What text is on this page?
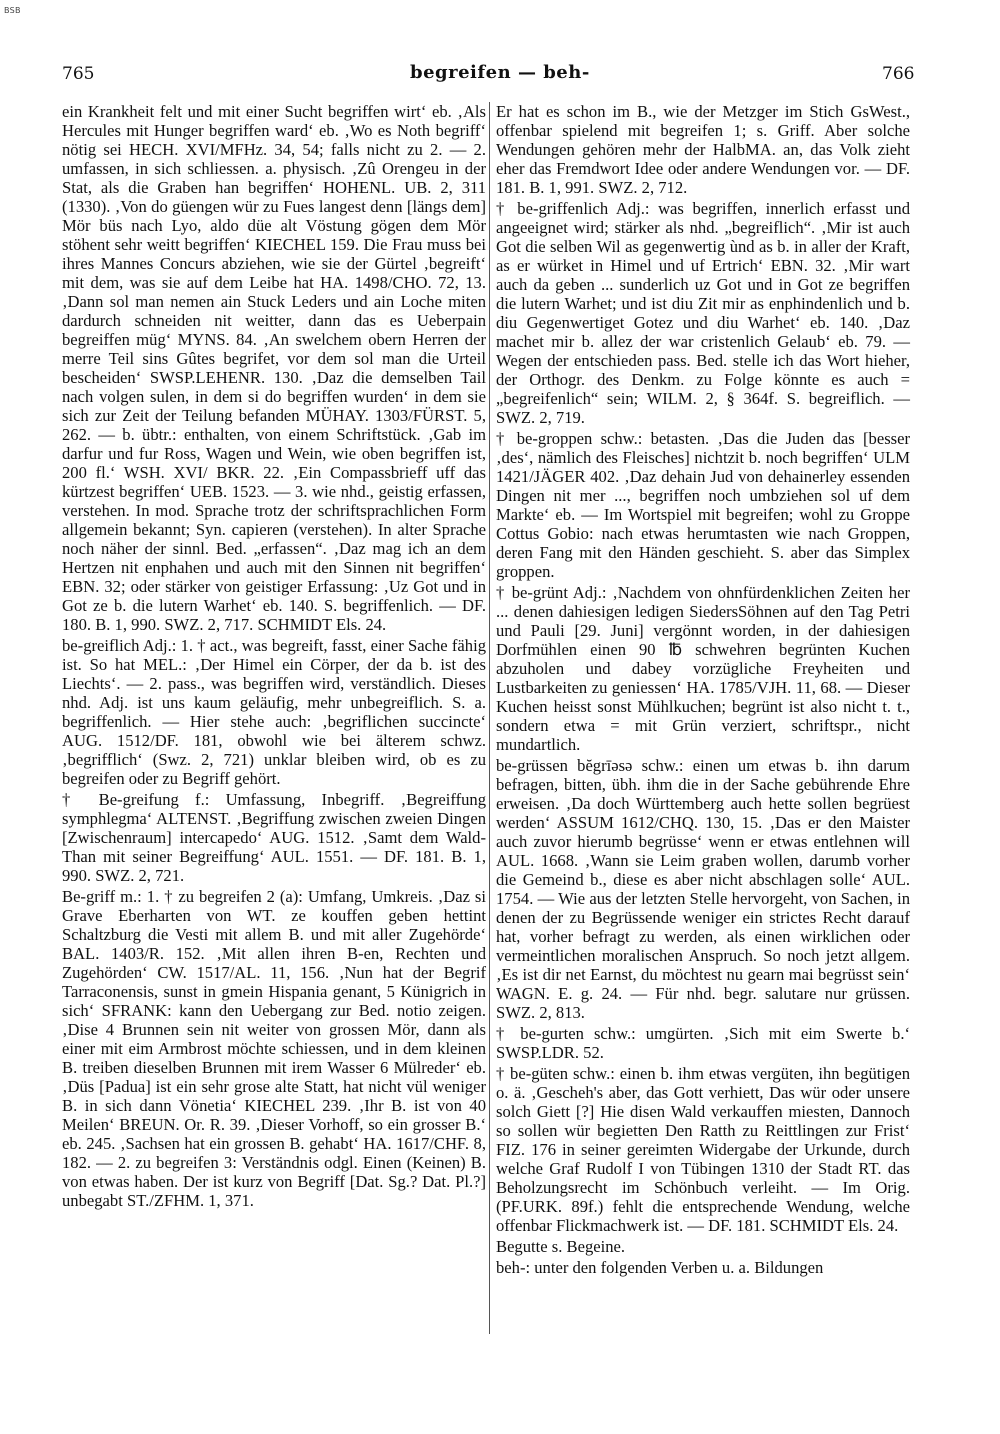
BSB
765	begreifen — beh-	766

ein Krankheit felt und mit einer Sucht begriffen wirt‘ eb. ‚Als Hercules mit Hunger begriffen ward‘ eb. ‚Wo es Noth begriff‘ nötig sei HECH. XVI/MFHz. 34, 54; falls nicht zu 2. — 2. umfassen, in sich schliessen. a. physisch. ‚Zû Orengeu in der Stat, als die Graben han begriffen‘ HOHENL. UB. 2, 311 (1330). ‚Von do güengen wür zu Fues langest denn [längs dem] Mör büs nach Lyo, aldo düe alt Vöstung gögen dem Mör stöhent sehr weitt begriffen‘ KIECHEL 159. Die Frau muss bei ihres Mannes Concurs abziehen, wie sie der Gürtel ‚begreift‘ mit dem, was sie auf dem Leibe hat HA. 1498/CHO. 72, 13. ‚Dann sol man nemen ain Stuck Leders und ain Loche miten dardurch schneiden nit weitter, dann das es Ueberpain begreiffen müg‘ MYNS. 84. ‚An swelchem obern Herren der merre Teil sins Gûtes begrifet, vor dem sol man die Urteil bescheiden‘ SWSP.LEHENR. 130. ‚Daz die demselben Tail nach volgen sulen, in dem si do begriffen wurden‘ in dem sie sich zur Zeit der Teilung befanden MÜHAY. 1303/FÜRST. 5, 262. — b. übtr.: enthalten, von einem Schriftstück. ‚Gab im darfur und fur Ross, Wagen und Wein, wie oben begriffen ist, 200 fl.‘ WSH. XVI/ BKR. 22. ‚Ein Compassbrieff uff das kürtzest begriffen‘ UEB. 1523. — 3. wie nhd., geistig erfassen, verstehen. In mod. Sprache trotz der schriftsprachlichen Form allgemein bekannt; Syn. capieren (verstehen). In alter Sprache noch näher der sinnl. Bed. „erfassen“. ‚Daz mag ich an dem Hertzen nit enphahen und auch mit den Sinnen nit begriffen‘ EBN. 32; oder stärker von geistiger Erfassung: ‚Uz Got und in Got ze b. die lutern Warhet‘ eb. 140. S. begriffenlich. — DF. 180. B. 1, 990. SWZ. 2, 717. SCHMIDT Els. 24.

be-greiflich Adj.: 1. † act., was begreift, fasst, einer Sache fähig ist. So hat MEL.: ‚Der Himel ein Cörper, der da b. ist des Liechts‘. — 2. pass., was begriffen wird, verständlich. Dieses nhd. Adj. ist uns kaum geläufig, mehr unbegreiflich. S. a. begriffenlich. — Hier stehe auch: ‚begriflichen succincte‘ AUG. 1512/DF. 181, obwohl wie bei älterem schwz. ‚begrifflich‘ (Swz. 2, 721) unklar bleiben wird, ob es zu begreifen oder zu Begriff gehört.

† Be-greifung f.: Umfassung, Inbegriff. ‚Begreiffung symphlegma‘ ALTENST. ‚Begriffung zwischen zweien Dingen [Zwischenraum] intercapedo‘ AUG. 1512. ‚Samt dem Wald-Than mit seiner Begreiffung‘ AUL. 1551. — DF. 181. B. 1, 990. SWZ. 2, 721.

Be-griff m.: 1. † zu begreifen 2 (a): Umfang, Umkreis. ‚Daz si Grave Eberharten von WT. ze kouffen geben hettint Schaltzburg die Vesti mit allem B. und mit aller Zugehörde‘ BAL. 1403/R. 152. ‚Mit allen ihren B-en, Rechten und Zugehörden‘ CW. 1517/AL. 11, 156. ‚Nun hat der Begrif Tarraconensis, sunst in gmein Hispania genant, 5 Künigrich in sich‘ SFRANK: kann den Uebergang zur Bed. notio zeigen. ‚Dise 4 Brunnen sein nit weiter von grossen Mör, dann als einer mit eim Armbrost möchte schiessen, und in dem kleinen B. treiben dieselben Brunnen mit irem Wasser 6 Mülreder‘ eb. ‚Düs [Padua] ist ein sehr grose alte Statt, hat nicht vül weniger B. in sich dann Vönetia‘ KIECHEL 239. ‚Ihr B. ist von 40 Meilen‘ BREUN. Or. R. 39. ‚Dieser Vorhoff, so ein grosser B.‘ eb. 245. ‚Sachsen hat ein grossen B. gehabt‘ HA. 1617/CHF. 8, 182. — 2. zu begreifen 3: Verständnis odgl. Einen (Keinen) B. von etwas haben. Der ist kurz von Begriff [Dat. Sg.? Dat. Pl.?] unbegabt ST./ZFHM. 1, 371.

Er hat es schon im B., wie der Metzger im Stich GsWest., offenbar spielend mit begreifen 1; s. Griff. Aber solche Wendungen gehören mehr der HalbMA. an, das Volk zieht eher das Fremdwort Idee oder andere Wendungen vor. — DF. 181. B. 1, 991. SWZ. 2, 712.

† be-griffenlich Adj.: was begriffen, innerlich erfasst und angeeignet wird; stärker als nhd. „begreiflich“. ‚Mir ist auch Got die selben Wil as gegenwertig ùnd as b. in aller der Kraft, as er würket in Himel und uf Ertrich‘ EBN. 32. ‚Mir wart auch da geben ... sunderlich uz Got und in Got ze begriffen die lutern Warhet; und ist diu Zit mir as enphindenlich und b. diu Gegenwertiget Gotez und diu Warhet‘ eb. 140. ‚Daz machet mir b. allez der war cristenlich Gelaub‘ eb. 79. — Wegen der entschieden pass. Bed. stelle ich das Wort hieher, der Orthogr. des Denkm. zu Folge könnte es auch = „begreifenlich“ sein; WILM. 2, § 364f. S. begreiflich. — SWZ. 2, 719.

† be-groppen schw.: betasten. ‚Das die Juden das [besser ‚des‘, nämlich des Fleisches] nichtzit b. noch begriffen‘ ULM 1421/JÄGER 402. ‚Daz dehain Jud von dehainerley essenden Dingen nit mer ..., begriffen noch umbziehen sol uf dem Markte‘ eb. — Im Wortspiel mit begreifen; wohl zu Groppe Cottus Gobio: nach etwas herumtasten wie nach Groppen, deren Fang mit den Händen geschieht. S. aber das Simplex groppen.

† be-grünt Adj.: ‚Nachdem von ohnfürdenklichen Zeiten her ... denen dahiesigen ledigen SiedersSöhnen auf den Tag Petri und Pauli [29. Juni] vergönnt worden, in der dahiesigen Dorfmühlen einen 90 ℔ schwehren begrünten Kuchen abzuholen und dabey vorzügliche Freyheiten und Lustbarkeiten zu geniessen‘ HA. 1785/VJH. 11, 68. — Dieser Kuchen heisst sonst Mühlkuchen; begrünt ist also nicht t. t., sondern etwa = mit Grün verziert, schriftspr., nicht mundartlich.

be-grüssen bĕgrīəsə schw.: einen um etwas b. ihn darum befragen, bitten, übh. ihm die in der Sache gebührende Ehre erweisen. ‚Da doch Württemberg auch hette sollen begrüest werden‘ ASSUM 1612/CHQ. 130, 15. ‚Das er den Maister auch zuvor hierumb begrüsse‘ wenn er etwas entlehnen will AUL. 1668. ‚Wann sie Leim graben wollen, darumb vorher die Gemeind b., diese es aber nicht abschlagen solle‘ AUL. 1754. — Wie aus der letzten Stelle hervorgeht, von Sachen, in denen der zu Begrüssende weniger ein strictes Recht darauf hat, vorher befragt zu werden, als einen wirklichen oder vermeintlichen moralischen Anspruch. So noch jetzt allgem. ‚Es ist dir net Earnst, du möchtest nu gearn mai begrüsst sein‘ WAGN. E. g. 24. — Für nhd. begr. salutare nur grüssen. SWZ. 2, 813.

† be-gurten schw.: umgürten. ‚Sich mit eim Swerte b.‘ SWSP.LDR. 52.

† be-güten schw.: einen b. ihm etwas vergüten, ihn begütigen o. ä. ‚Gescheh's aber, das Gott verhiett, Das wür oder unsere solch Giett [?] Hie disen Wald verkauffen miesten, Dannoch so sollen wür begietten Den Ratth zu Reittlingen zur Frist‘ FIZ. 176 in seiner gereimten Widergabe der Urkunde, durch welche Graf Rudolf I von Tübingen 1310 der Stadt RT. das Beholzungsrecht im Schönbuch verleiht. — Im Orig. (PF.URK. 89f.) fehlt die entsprechende Wendung, welche offenbar Flickmachwerk ist. — DF. 181. SCHMIDT Els. 24.

Begutte s. Begeine.

beh-: unter den folgenden Verben u. a. Bildungen
